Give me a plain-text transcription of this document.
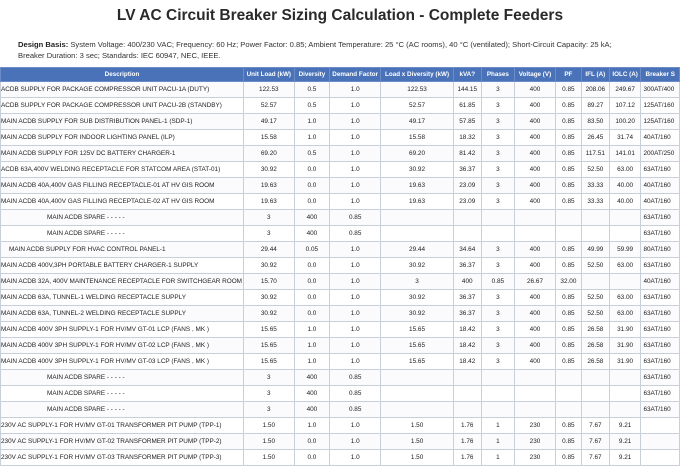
LV AC Circuit Breaker Sizing Calculation - Complete Feeders
Design Basis: System Voltage: 400/230 VAC; Frequency: 60 Hz; Power Factor: 0.85; Ambient Temperature: 25 °C (AC rooms), 40 °C (ventilated); Short-Circuit Capacity: 25 kA;
Breaker Duration: 3 sec; Standards: IEC 60947, NEC, IEEE.
Description	Unit Load (kW)	Diversity	Demand Factor	Load x Diversity (kW)	kVA?	Phases	Voltage (V)	PF	IFL (A)	IOLC (A)	Breaker S
ACDB SUPPLY FOR PACKAGE COMPRESSOR UNIT PACU-1A (DUTY)	122.53	0.5	1.0	122.53	144.15	3	400	0.85	208.06	249.67	300AT/400
ACDB SUPPLY FOR PACKAGE COMPRESSOR UNIT PACU-2B (STANDBY)	52.57	0.5	1.0	52.57	61.85	3	400	0.85	89.27	107.12	125AT/160
MAIN ACDB SUPPLY FOR SUB DISTRIBUTION PANEL-1 (SDP-1)	49.17	1.0	1.0	49.17	57.85	3	400	0.85	83.50	100.20	125AT/160
MAIN ACDB SUPPLY FOR INDOOR LIGHTING PANEL (ILP)	15.58	1.0	1.0	15.58	18.32	3	400	0.85	26.45	31.74	40AT/160
MAIN ACDB SUPPLY FOR 125V DC BATTERY CHARGER-1	69.20	0.5	1.0	69.20	81.42	3	400	0.85	117.51	141.01	200AT/250
ACDB 63A,400V WELDING RECEPTACLE FOR STATCOM AREA (STAT-01)	30.92	0.0	1.0	30.92	36.37	3	400	0.85	52.50	63.00	63AT/160
MAIN ACDB 40A,400V GAS FILLING RECEPTACLE-01 AT HV GIS ROOM	19.63	0.0	1.0	19.63	23.09	3	400	0.85	33.33	40.00	40AT/160
MAIN ACDB 40A,400V GAS FILLING RECEPTACLE-02 AT HV GIS ROOM	19.63	0.0	1.0	19.63	23.09	3	400	0.85	33.33	40.00	40AT/160
MAIN ACDB SPARE - - - - -	3	400	0.85								63AT/160
MAIN ACDB SPARE - - - - -	3	400	0.85								63AT/160
MAIN ACDB SUPPLY FOR HVAC CONTROL PANEL-1	29.44	0.05	1.0	29.44	34.64	3	400	0.85	49.99	59.99	80AT/160
MAIN ACDB 400V,3PH PORTABLE BATTERY CHARGER-1 SUPPLY	30.92	0.0	1.0	30.92	36.37	3	400	0.85	52.50	63.00	63AT/160
MAIN ACDB 32A, 400V MAINTENANCE RECEPTACLE FOR SWITCHGEAR ROOM	15.70	0.0	1.0	3	400	0.85	26.67	32.00			40AT/160
MAIN ACDB 63A, TUNNEL-1 WELDING RECEPTACLE SUPPLY	30.92	0.0	1.0	30.92	36.37	3	400	0.85	52.50	63.00	63AT/160
MAIN ACDB 63A, TUNNEL-2 WELDING RECEPTACLE SUPPLY	30.92	0.0	1.0	30.92	36.37	3	400	0.85	52.50	63.00	63AT/160
MAIN ACDB 400V 3PH SUPPLY-1 FOR HV/MV GT-01 LCP (FANS , MK )	15.65	1.0	1.0	15.65	18.42	3	400	0.85	26.58	31.90	63AT/160
MAIN ACDB 400V 3PH SUPPLY-1 FOR HV/MV GT-02 LCP (FANS , MK )	15.65	1.0	1.0	15.65	18.42	3	400	0.85	26.58	31.90	63AT/160
MAIN ACDB 400V 3PH SUPPLY-1 FOR HV/MV GT-03 LCP (FANS , MK )	15.65	1.0	1.0	15.65	18.42	3	400	0.85	26.58	31.90	63AT/160
MAIN ACDB SPARE - - - - -	3	400	0.85								63AT/160
MAIN ACDB SPARE - - - - -	3	400	0.85								63AT/160
MAIN ACDB SPARE - - - - -	3	400	0.85								63AT/160
230V AC SUPPLY-1 FOR HV/MV GT-01 TRANSFORMER PIT PUMP (TPP-1)	1.50	1.0	1.0	1.50	1.76	1	230	0.85	7.67	9.21	
230V AC SUPPLY-1 FOR HV/MV GT-02 TRANSFORMER PIT PUMP (TPP-2)	1.50	0.0	1.0	1.50	1.76	1	230	0.85	7.67	9.21	
230V AC SUPPLY-1 FOR HV/MV GT-03 TRANSFORMER PIT PUMP (TPP-3)	1.50	0.0	1.0	1.50	1.76	1	230	0.85	7.67	9.21	
